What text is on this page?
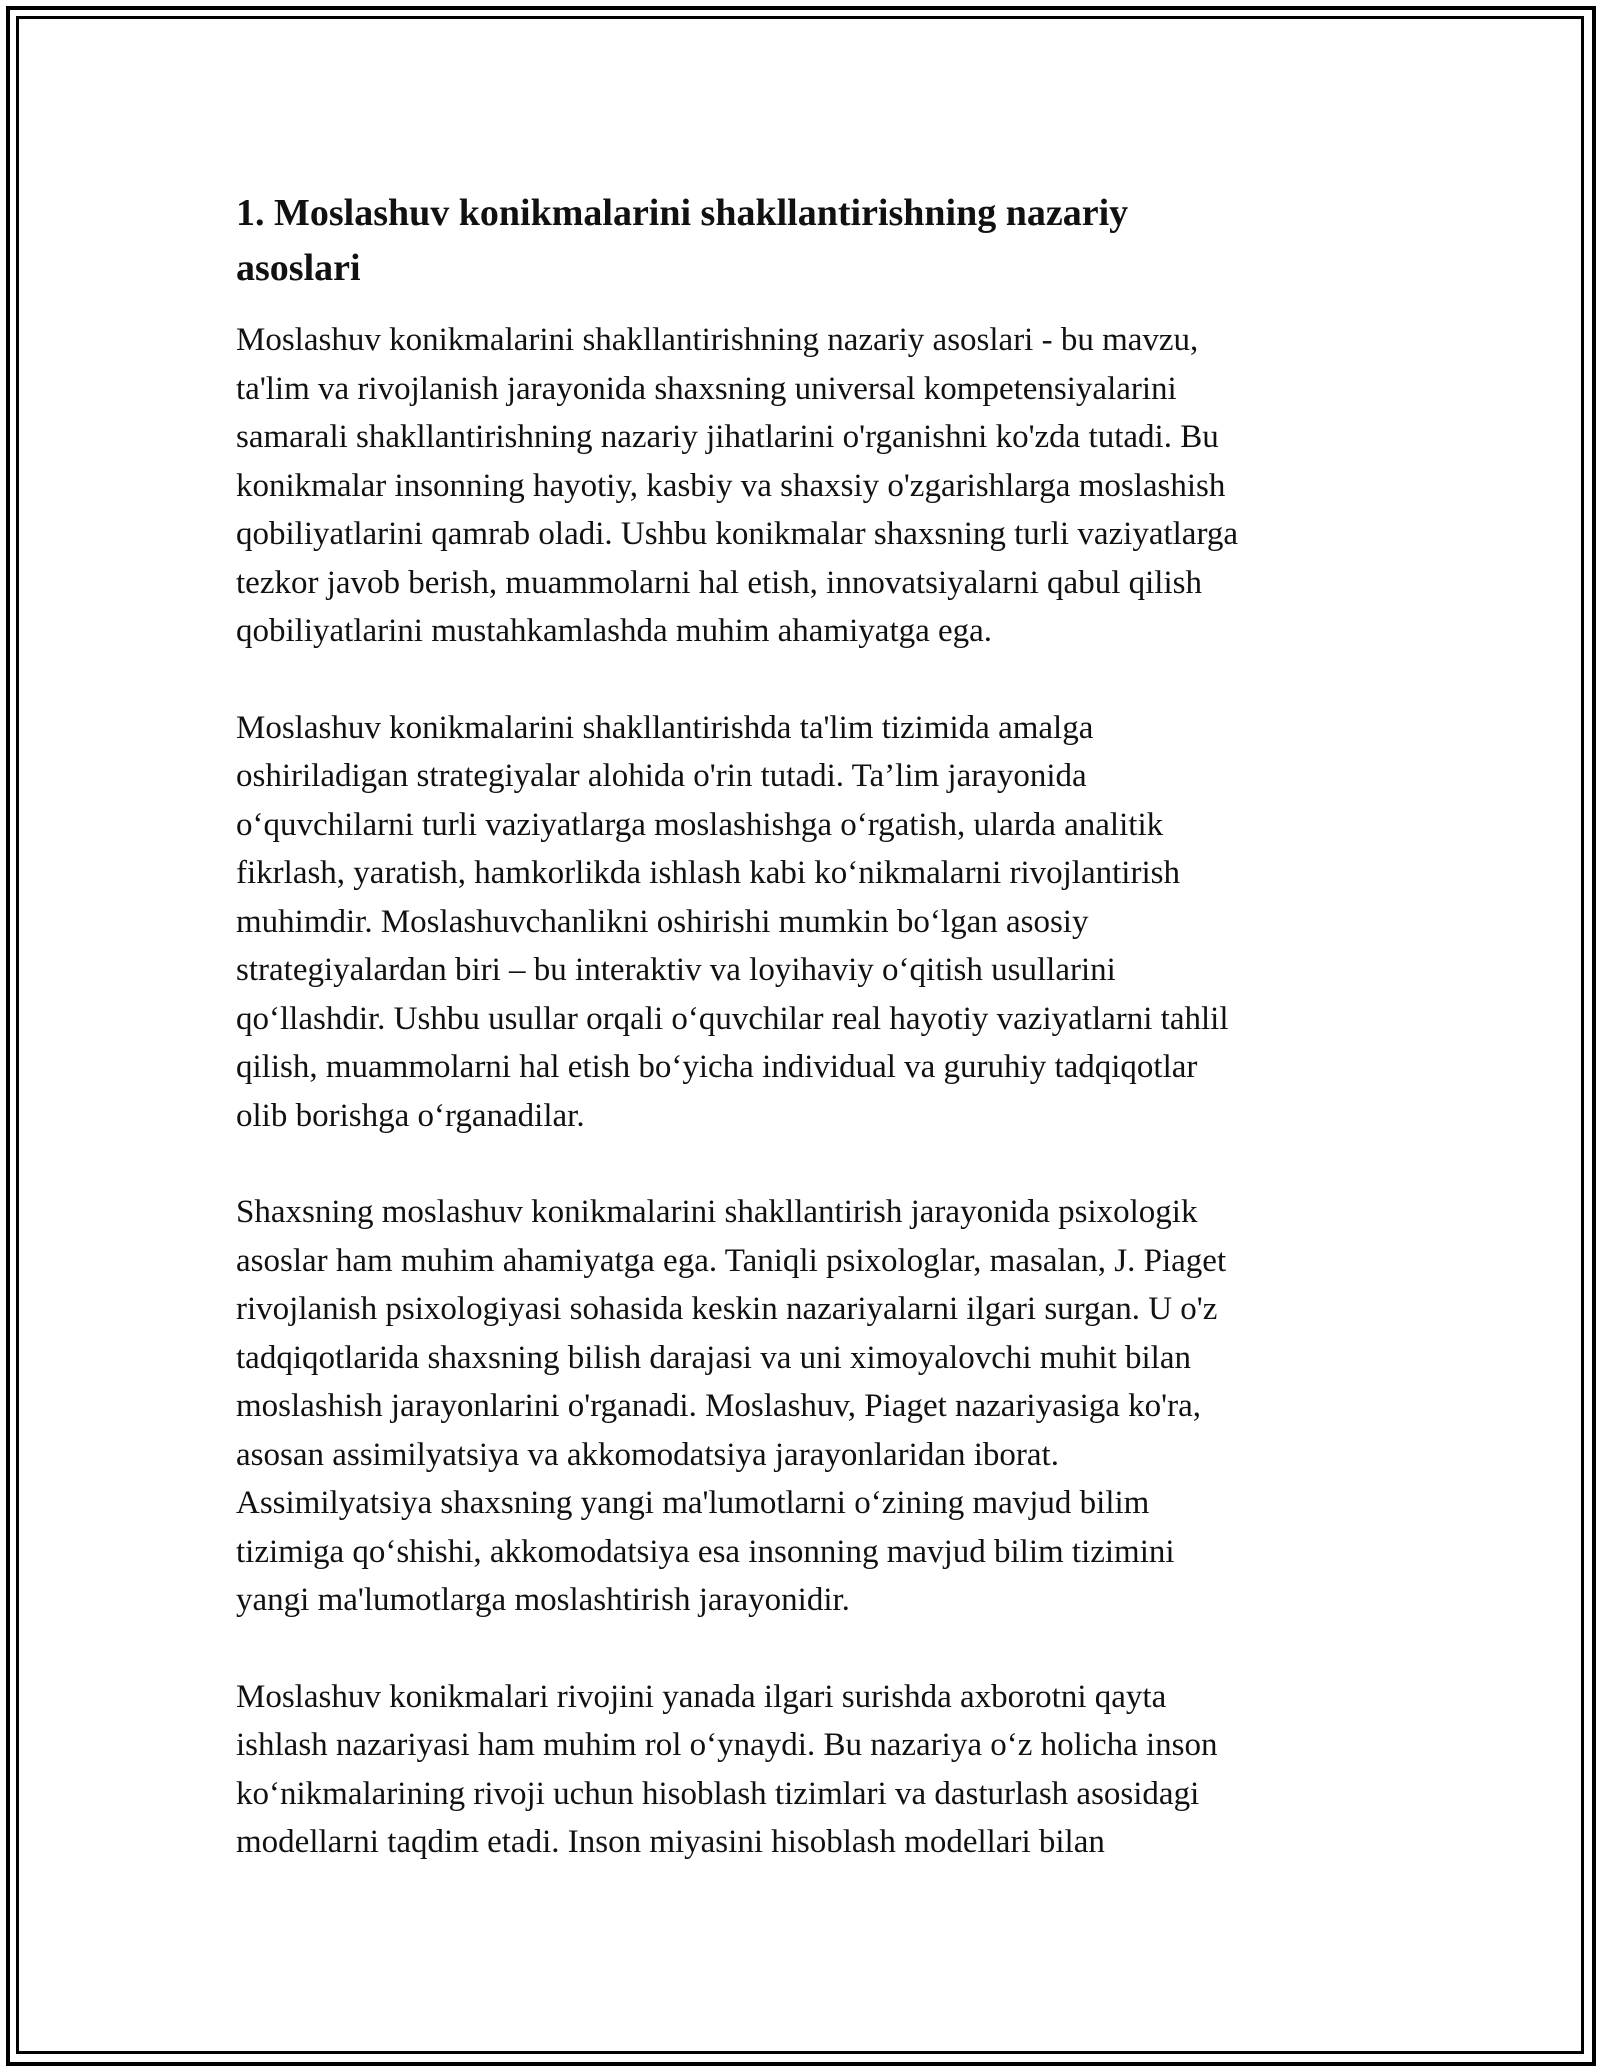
1. Moslashuv konikmalarini shakllantirishning nazariy
asoslari

Moslashuv konikmalarini shakllantirishning nazariy asoslari - bu mavzu,
ta'lim va rivojlanish jarayonida shaxsning universal kompetensiyalarini
samarali shakllantirishning nazariy jihatlarini o'rganishni ko'zda tutadi. Bu
konikmalar insonning hayotiy, kasbiy va shaxsiy o'zgarishlarga moslashish
qobiliyatlarini qamrab oladi. Ushbu konikmalar shaxsning turli vaziyatlarga
tezkor javob berish, muammolarni hal etish, innovatsiyalarni qabul qilish
qobiliyatlarini mustahkamlashda muhim ahamiyatga ega.

Moslashuv konikmalarini shakllantirishda ta'lim tizimida amalga
oshiriladigan strategiyalar alohida o'rin tutadi. Ta’lim jarayonida
o‘quvchilarni turli vaziyatlarga moslashishga o‘rgatish, ularda analitik
fikrlash, yaratish, hamkorlikda ishlash kabi ko‘nikmalarni rivojlantirish
muhimdir. Moslashuvchanlikni oshirishi mumkin bo‘lgan asosiy
strategiyalardan biri – bu interaktiv va loyihaviy o‘qitish usullarini
qo‘llashdir. Ushbu usullar orqali o‘quvchilar real hayotiy vaziyatlarni tahlil
qilish, muammolarni hal etish bo‘yicha individual va guruhiy tadqiqotlar
olib borishga o‘rganadilar.

Shaxsning moslashuv konikmalarini shakllantirish jarayonida psixologik
asoslar ham muhim ahamiyatga ega. Taniqli psixologlar, masalan, J. Piaget
rivojlanish psixologiyasi sohasida keskin nazariyalarni ilgari surgan. U o'z
tadqiqotlarida shaxsning bilish darajasi va uni ximoyalovchi muhit bilan
moslashish jarayonlarini o'rganadi. Moslashuv, Piaget nazariyasiga ko'ra,
asosan assimilyatsiya va akkomodatsiya jarayonlaridan iborat.
Assimilyatsiya shaxsning yangi ma'lumotlarni o‘zining mavjud bilim
tizimiga qo‘shishi, akkomodatsiya esa insonning mavjud bilim tizimini
yangi ma'lumotlarga moslashtirish jarayonidir.

Moslashuv konikmalari rivojini yanada ilgari surishda axborotni qayta
ishlash nazariyasi ham muhim rol o‘ynaydi. Bu nazariya o‘z holicha inson
ko‘nikmalarining rivoji uchun hisoblash tizimlari va dasturlash asosidagi
modellarni taqdim etadi. Inson miyasini hisoblash modellari bilan
